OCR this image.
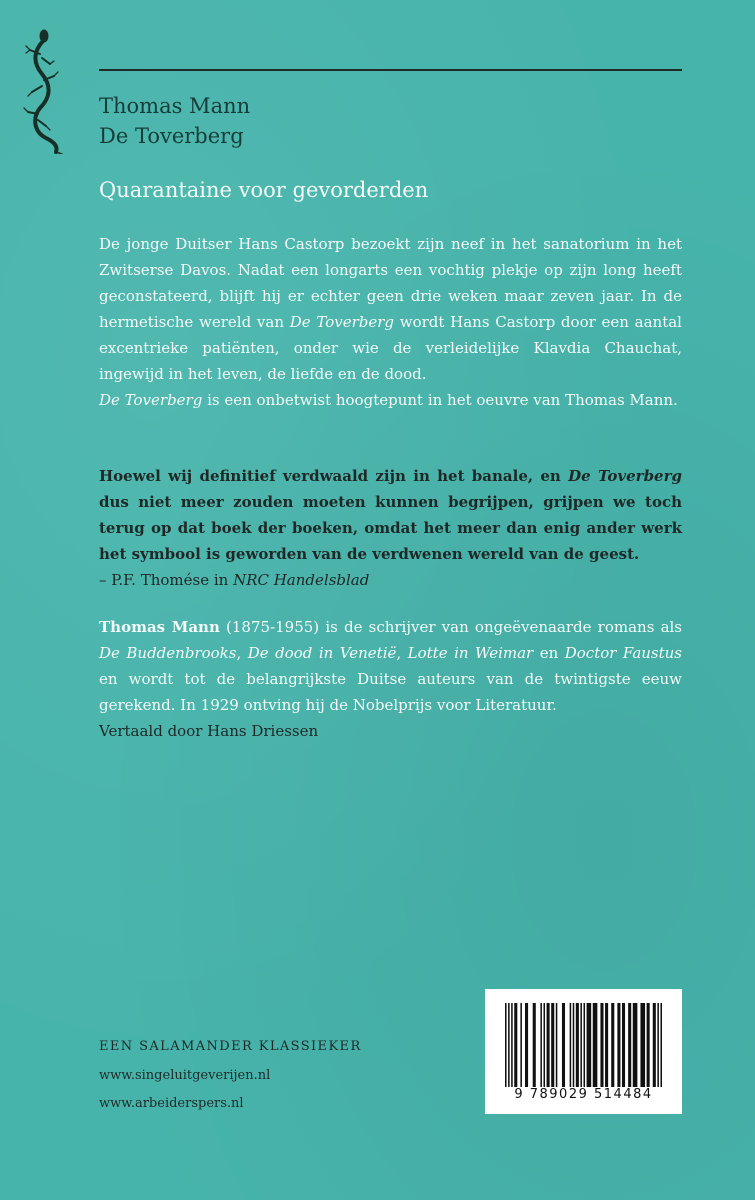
Thomas Mann
De Toverberg
Quarantaine voor gevorderden

De jonge Duitser Hans Castorp bezoekt zijn neef in het sanatorium in het Zwitserse Davos. Nadat een longarts een vochtig plekje op zijn long heeft geconstateerd, blijft hij er echter geen drie weken maar zeven jaar. In de hermetische wereld van De Toverberg wordt Hans Castorp door een aantal excentrieke patiënten, onder wie de verleidelijke Klavdia Chauchat, ingewijd in het leven, de liefde en de dood.
De Toverberg is een onbetwist hoogtepunt in het oeuvre van Thomas Mann.

Hoewel wij definitief verdwaald zijn in het banale, en De Toverberg dus niet meer zouden moeten kunnen begrijpen, grijpen we toch terug op dat boek der boeken, omdat het meer dan enig ander werk het symbool is geworden van de verdwenen wereld van de geest.
– P.F. Thomése in NRC Handelsblad

Thomas Mann (1875-1955) is de schrijver van ongeëvenaarde romans als De Buddenbrooks, De dood in Venetië, Lotte in Weimar en Doctor Faustus en wordt tot de belangrijkste Duitse auteurs van de twintigste eeuw gerekend. In 1929 ontving hij de Nobelprijs voor Literatuur.

Vertaald door Hans Driessen

EEN SALAMANDER KLASSIEKER
www.singeluitgeverijen.nl
www.arbeiderspers.nl
9 789029 514484
